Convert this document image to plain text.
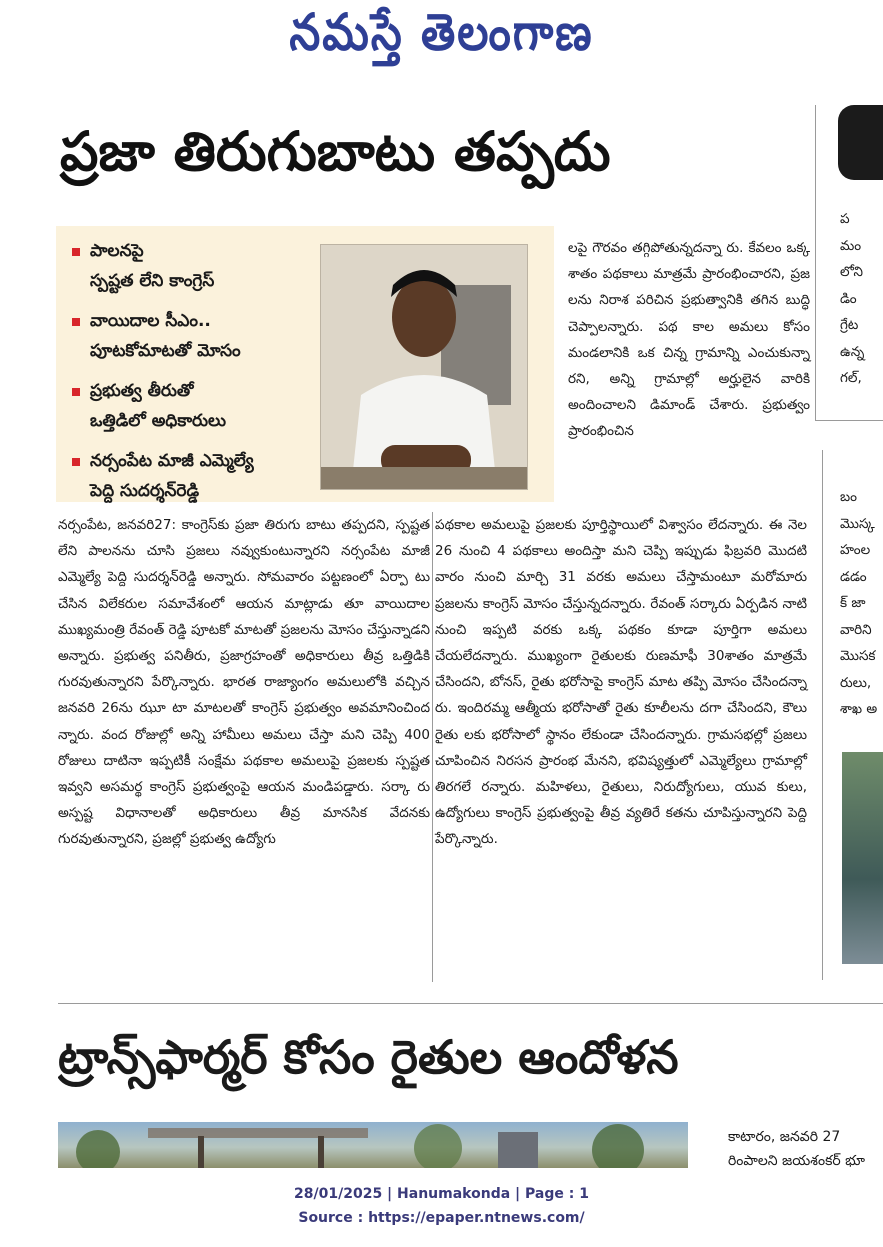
నమస్తే తెలంగాణ
ప్రజా తిరుగుబాటు తప్పదు
పాలనపై
స్పష్టత లేని కాంగ్రెస్
వాయిదాల సీఎం..
పూటకోమాటతో మోసం
ప్రభుత్వ తీరుతో
ఒత్తిడిలో అధికారులు
నర్సంపేట మాజీ ఎమ్మెల్యే
పెద్ది సుదర్శన్‌రెడ్డి
లపై గౌరవం తగ్గిపోతున్నదన్నా రు. కేవలం ఒక్క శాతం పథకాలు మాత్రమే ప్రారంభించారని, ప్రజ లను నిరాశ పరిచిన ప్రభుత్వానికి తగిన బుద్ధి చెప్పాలన్నారు. పథ కాల అమలు కోసం మండలానికి ఒక చిన్న గ్రామాన్ని ఎంచుకున్నా రని, అన్ని గ్రామాల్లో అర్హులైన వారికి అందించాలని డిమాండ్ చేశారు. ప్రభుత్వం ప్రారంభించిన
నర్సంపేట, జనవరి27: కాంగ్రెస్‌కు ప్రజా తిరుగు బాటు తప్పదని, స్పష్టత లేని పాలనను చూసి ప్రజలు నవ్వుకుంటున్నారని నర్సంపేట మాజీ ఎమ్మెల్యే పెద్ది సుదర్శన్‌రెడ్డి అన్నారు. సోమవారం పట్టణంలో ఏర్పా టు చేసిన విలేకరుల సమావేశంలో ఆయన మాట్లాడు తూ వాయిదాల ముఖ్యమంత్రి రేవంత్ రెడ్డి పూటకో మాటతో ప్రజలను మోసం చేస్తున్నాడని అన్నారు. ప్రభుత్వ పనితీరు, ప్రజాగ్రహంతో అధికారులు తీవ్ర ఒత్తిడికి గురవుతున్నారని పేర్కొన్నారు. భారత రాజ్యాంగం అమలులోకి వచ్చిన జనవరి 26ను ఝూ టా మాటలతో కాంగ్రెస్ ప్రభుత్వం అవమానించింద న్నారు. వంద రోజుల్లో అన్ని హామీలు అమలు చేస్తా మని చెప్పి 400 రోజులు దాటినా ఇప్పటికీ సంక్షేమ పథకాల అమలుపై ప్రజలకు స్పష్టత ఇవ్వని అసమర్థ కాంగ్రెస్ ప్రభుత్వంపై ఆయన మండిపడ్డారు. సర్కా రు అస్పష్ట విధానాలతో అధికారులు తీవ్ర మానసిక వేదనకు గురవుతున్నారని, ప్రజల్లో ప్రభుత్వ ఉద్యోగు
పథకాల అమలుపై ప్రజలకు పూర్తిస్థాయిలో విశ్వాసం లేదన్నారు. ఈ నెల 26 నుంచి 4 పథకాలు అందిస్తా మని చెప్పి ఇప్పుడు ఫిబ్రవరి మొదటి వారం నుంచి మార్చి 31 వరకు అమలు చేస్తామంటూ మరోమారు ప్రజలను కాంగ్రెస్ మోసం చేస్తున్నదన్నారు. రేవంత్ సర్కారు ఏర్పడిన నాటి నుంచి ఇప్పటి వరకు ఒక్క పథకం కూడా పూర్తిగా అమలు చేయలేదన్నారు. ముఖ్యంగా రైతులకు రుణమాఫీ 30శాతం మాత్రమే చేసిందని, బోనస్, రైతు భరోసాపై కాంగ్రెస్ మాట తప్పి మోసం చేసిందన్నా రు. ఇందిరమ్మ ఆత్మీయ భరోసాతో రైతు కూలీలను దగా చేసిందని, కౌలు రైతు లకు భరోసాలో స్థానం లేకుండా చేసిందన్నారు. గ్రామసభల్లో ప్రజలు చూపించిన నిరసన ప్రారంభ మేనని, భవిష్యత్తులో ఎమ్మెల్యేలు గ్రామాల్లో తిరగలే రన్నారు. మహిళలు, రైతులు, నిరుద్యోగులు, యువ కులు, ఉద్యోగులు కాంగ్రెస్ ప్రభుత్వంపై తీవ్ర వ్యతిరే కతను చూపిస్తున్నారని పెద్ది పేర్కొన్నారు.
ప
మం
లోని
డిం
గ్రేట
ఉన్న
గల్,
బం
మొస్క
హంల
డడం
క్ జా
వారిని
మొసక
రులు,
శాఖ అ
ట్రాన్స్‌ఫార్మర్ కోసం రైతుల ఆందోళన
కాటారం, జనవరి 27
రింపాలని జయశంకర్ భూ
28/01/2025 | Hanumakonda | Page : 1
Source : https://epaper.ntnews.com/
